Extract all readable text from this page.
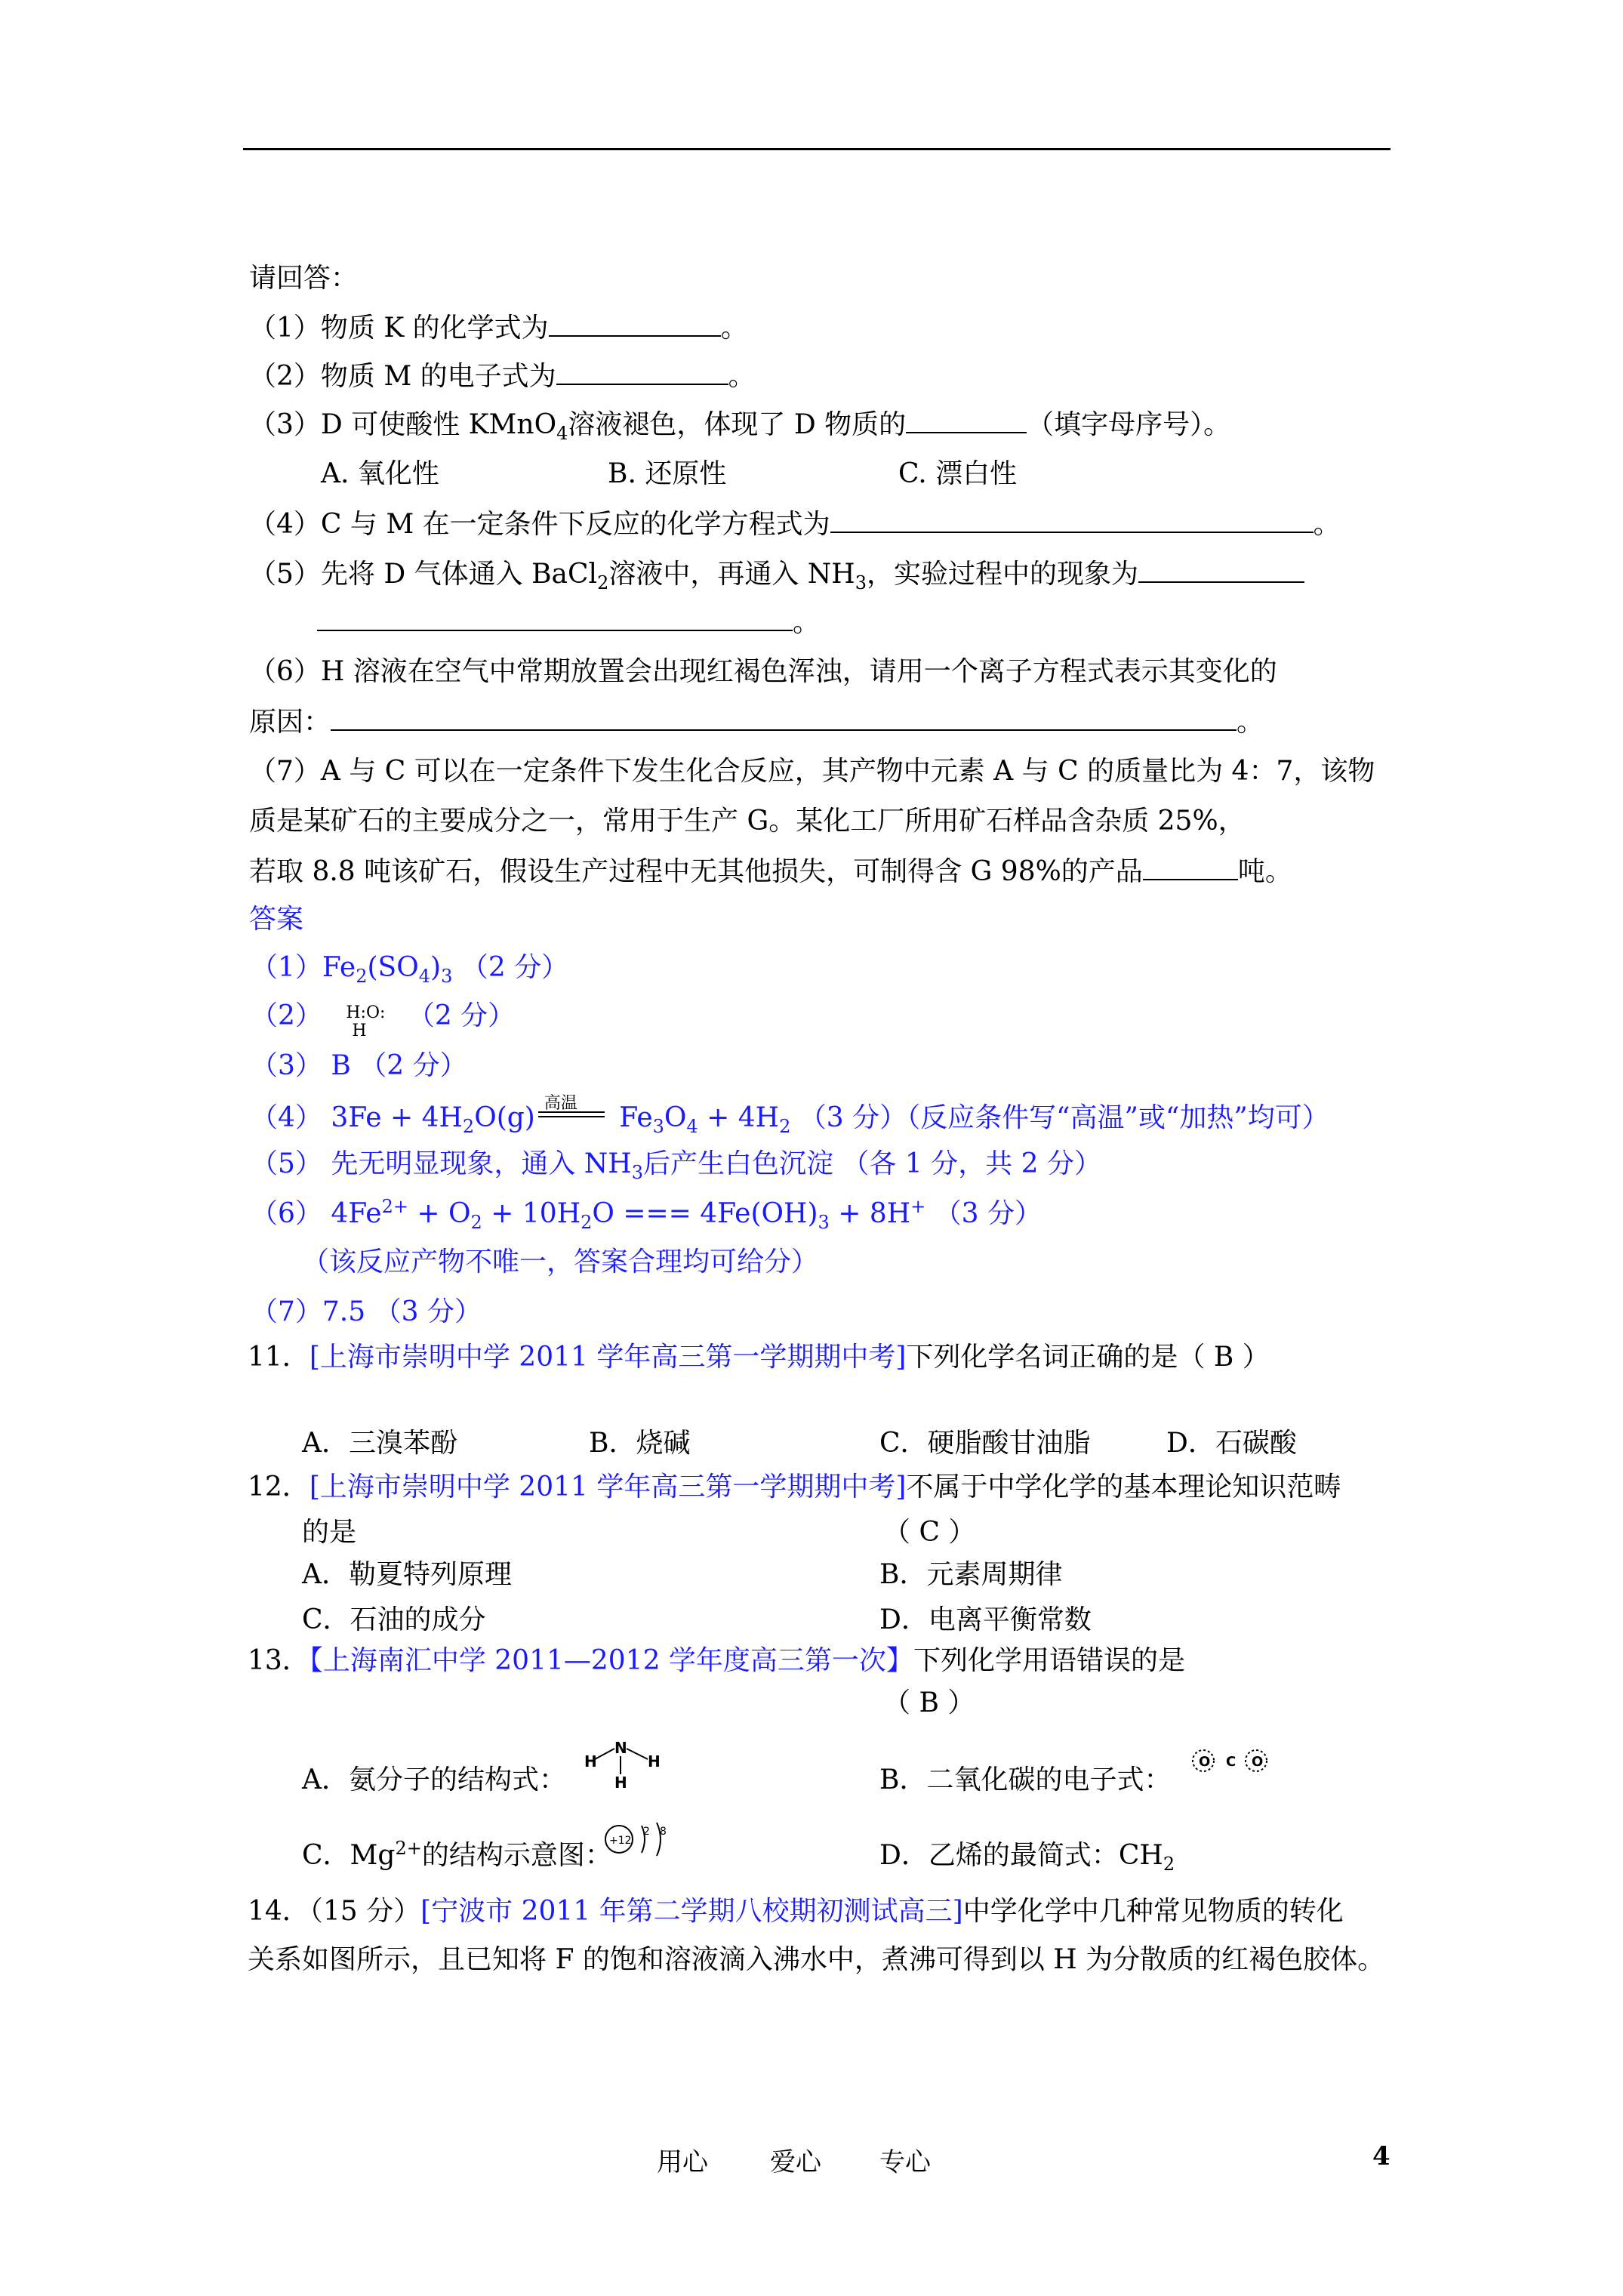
请回答：
（1）物质 K 的化学式为	。
（2）物质 M 的电子式为	。
（3）D 可使酸性 KMnO$_4$溶液褪色，体现了 D 物质的	（填字母序号）。
A. 氧化性	B. 还原性	C. 漂白性
（4）C 与 M 在一定条件下反应的化学方程式为	。
（5）先将 D 气体通入 BaCl$_2$溶液中，再通入 $NH_3$，实验过程中的现象为
。
（6）H 溶液在空气中常期放置会出现红褐色浑浊，请用一个离子方程式表示其变化的
原因：	。
（7）A 与 C 可以在一定条件下发生化合反应，其产物中元素 A 与 C 的质量比为 4：7，该物
质是某矿石的主要成分之一，常用于生产 G。某化工厂所用矿石样品含杂质 25%，
若取 8.8 吨该矿石，假设生产过程中无其他损失，可制得含 G 98%的产品	吨。
答案
$(1)Fe_2(SO_4)_3$ （2 分）
（2） H:O:
H （2 分）
（3） B （2 分）
（4） $3Fe + 4H_2O(g)$ 高温 $Fe_3O_4 + 4H_2$ （3 分）（反应条件写“高温”或“加热”均可）
（5） 先无明显现象，通入 $NH_3$后产生白色沉淀 （各 1 分，共 2 分）
（6） $4Fe^{2+} + O_2 + 10H_2O$ === $4Fe(OH)_3 + 8H^+$ （3 分）
（该反应产物不唯一，答案合理均可给分）
（7）7.5 （3 分）
11．[上海市崇明中学 2011 学年高三第一学期期中考]下列化学名词正确的是（ B ）
A．三溴苯酚	B．烧碱	C．硬脂酸甘油脂	D．石碳酸
12．[上海市崇明中学 2011 学年高三第一学期期中考]不属于中学化学的基本理论知识范畴
的是	（ C ）
A．勒夏特列原理	B．元素周期律
C．石油的成分	D．电离平衡常数
13．【上海南汇中学 2011—2012 学年度高三第一次】下列化学用语错误的是
（ B ）
A．氨分子的结构式：
H
N
H
H	B．二氧化碳的电子式：
O C O
C．$Mg^{2+}$的结构示意图：
+12
2 8
D．乙烯的最简式：$CH_2$
14．（15 分）[宁波市 2011 年第二学期八校期初测试高三]中学化学中几种常见物质的转化
关系如图所示，且已知将 F 的饱和溶液滴入沸水中，煮沸可得到以 H 为分散质的红褐色胶体。
用心 爱心 专心	4
